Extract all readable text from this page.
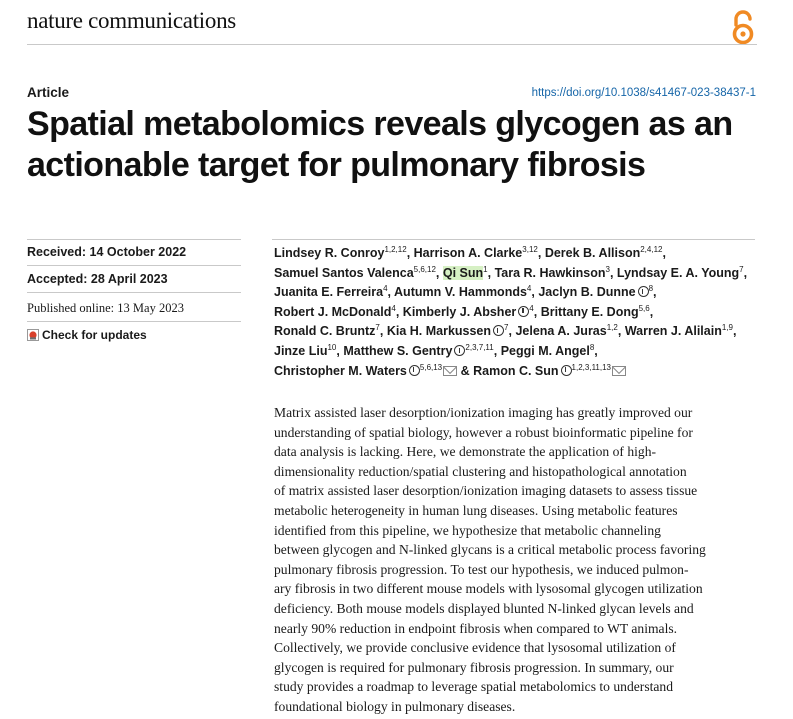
nature communications
Article	https://doi.org/10.1038/s41467-023-38437-1
Spatial metabolomics reveals glycogen as an
actionable target for pulmonary fibrosis
Received: 14 October 2022
Accepted: 28 April 2023
Published online: 13 May 2023
Check for updates
Lindsey R. Conroy$^{1,2,12}$, Harrison A. Clarke$^{3,12}$, Derek B. Allison$^{2,4,12}$,
Samuel Santos Valenca$^{5,6,12}$, Qi Sun$^1$, Tara R. Hawkinson$^3$, Lyndsay E. A. Young$^7$,
Juanita E. Ferreira$^4$, Autumn V. Hammonds$^4$, Jaclyn B. Dunne $^8$,
Robert J. McDonald$^4$, Kimberly J. Absher $^4$, Brittany E. Dong$^{5,6}$,
Ronald C. Bruntz$^7$, Kia H. Markussen $^7$, Jelena A. Juras$^{1,2}$, Warren J. Alilain$^{1,9}$,
Jinze Liu$^{10}$, Matthew S. Gentry $^{2,3,7,11}$, Peggi M. Angel$^8$,
Christopher M. Waters $^{5,6,13}$ & Ramon C. Sun $^{1,2,3,11,13}$
Matrix assisted laser desorption/ionization imaging has greatly improved our
understanding of spatial biology, however a robust bioinformatic pipeline for
data analysis is lacking. Here, we demonstrate the application of high-
dimensionality reduction/spatial clustering and histopathological annotation
of matrix assisted laser desorption/ionization imaging datasets to assess tissue
metabolic heterogeneity in human lung diseases. Using metabolic features
identified from this pipeline, we hypothesize that metabolic channeling
between glycogen and N-linked glycans is a critical metabolic process favoring
pulmonary fibrosis progression. To test our hypothesis, we induced pulmon-
ary fibrosis in two different mouse models with lysosomal glycogen utilization
deficiency. Both mouse models displayed blunted N-linked glycan levels and
nearly 90% reduction in endpoint fibrosis when compared to WT animals.
Collectively, we provide conclusive evidence that lysosomal utilization of
glycogen is required for pulmonary fibrosis progression. In summary, our
study provides a roadmap to leverage spatial metabolomics to understand
foundational biology in pulmonary diseases.
